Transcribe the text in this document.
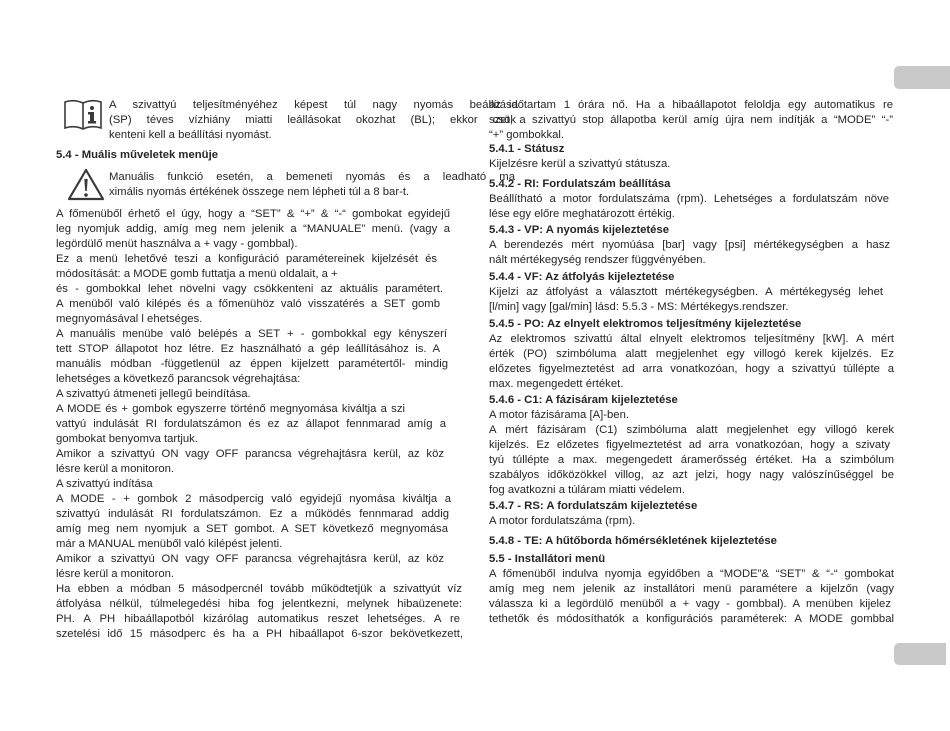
A szivattyú teljesítményéhez képest túl nagy nyomás beállítása
(SP) téves vízhiány miatti leállásokat okozhat (BL); ekkor csök
kenteni kell a beállítási nyomást.
5.4 - Muális műveletek menüje
Manuális funkció esetén, a bemeneti nyomás és a leadható ma
ximális nyomás értékének összege nem lépheti túl a 8 bar-t.
A főmenüből érhető el úgy, hogy a “SET” & “+” & “-“ gombokat egyidejű
leg nyomjuk addig, amíg meg nem jelenik a “MANUALE” menü. (vagy a
legördülő menüt használva a + vagy - gombbal).
Ez a menü lehetővé teszi a konfiguráció paramétereinek kijelzését és
módosítását: a MODE gomb futtatja a menü oldalait, a +
és - gombokkal lehet növelni vagy csökkenteni az aktuális paramétert.
A menüből való kilépés és a főmenühöz való visszatérés a SET gomb
megnyomásával l ehetséges.
A manuális menübe való belépés a SET + - gombokkal egy kényszerí
tett STOP állapotot hoz létre. Ez használható a gép leállításához is. A
manuális módban -függetlenül az éppen kijelzett paramétertől- mindig
lehetséges a következő parancsok végrehajtása:
A szivattyú átmeneti jellegű beindítása.
A MODE és + gombok egyszerre történő megnyomása kiváltja a szi
vattyú indulását RI fordulatszámon és ez az állapot fennmarad amíg a
gombokat benyomva tartjuk.
Amikor a szivattyú ON vagy OFF parancsa végrehajtásra kerül, az köz
lésre kerül a monitoron.
A szivattyú indítása
A MODE - + gombok 2 másodpercig való egyidejű nyomása kiváltja a
szivattyú indulását RI fordulatszámon. Ez a működés fennmarad addig
amíg meg nem nyomjuk a SET gombot. A SET következő megnyomása
már a MANUAL menüből való kilépést jelenti.
Amikor a szivattyú ON vagy OFF parancsa végrehajtásra kerül, az köz
lésre kerül a monitoron.
Ha ebben a módban 5 másodpercnél tovább működtetjük a szivattyút víz
átfolyása nélkül, túlmelegedési hiba fog jelentkezni, melynek hibaüzenete:
PH. A PH hibaállapotból kizárólag automatikus reszet lehetséges. A re
szetelési idő 15 másodperc és ha a PH hibaállapot 6-szor bekövetkezett,
az időtartam 1 órára nő. Ha a hibaállapotot feloldja egy automatikus re
szet, a szivattyú stop állapotba kerül amíg újra nem indítják a “MODE” “-”
“+” gombokkal.
5.4.1 - Státusz
Kijelzésre kerül a szivattyú státusza.
5.4.2 - RI: Fordulatszám beállítása
Beállítható a motor fordulatszáma (rpm). Lehetséges a fordulatszám növe
lése egy előre meghatározott értékig.
5.4.3 - VP: A nyomás kijeleztetése
A berendezés mért nyomúása [bar] vagy [psi] mértékegységben a hasz
nált mértékegység rendszer függvényében.
5.4.4 - VF: Az átfolyás kijeleztetése
Kijelzi az átfolyást a választott mértékegységben. A mértékegység lehet
[l/min] vagy [gal/min] lásd: 5.5.3 - MS: Mértékegys.rendszer.
5.4.5 - PO: Az elnyelt elektromos teljesítmény kijeleztetése
Az elektromos szivattú által elnyelt elektromos teljesítmény [kW]. A mért
érték (PO) szimbóluma alatt megjelenhet egy villogó kerek kijelzés. Ez
előzetes figyelmeztetést ad arra vonatkozóan, hogy a szivattyú túllépte a
max. megengedett értéket.
5.4.6 - C1: A fázisáram kijeleztetése
A motor fázisárama [A]-ben.
A mért fázisáram (C1) szimbóluma alatt megjelenhet egy villogó kerek
kijelzés. Ez előzetes figyelmeztetést ad arra vonatkozóan, hogy a szivaty
tyú túllépte a max. megengedett áramerősség értéket. Ha a szimbólum
szabályos időközökkel villog, az azt jelzi, hogy nagy valószínűséggel be
fog avatkozni a túláram miatti védelem.
5.4.7 - RS: A fordulatszám kijeleztetése
A motor fordulatszáma (rpm).
5.4.8 - TE: A hűtőborda hőmérsékletének kijeleztetése
5.5 - Installátori menü
A főmenüből indulva nyomja egyidőben a “MODE”& “SET” & “-“ gombokat
amíg meg nem jelenik az installátori menü paramétere a kijelzőn (vagy
válassza ki a legördülő menüből a + vagy - gombbal). A menüben kijelez
tethetők és módosíthatók a konfigurációs paraméterek: A MODE gombbal
